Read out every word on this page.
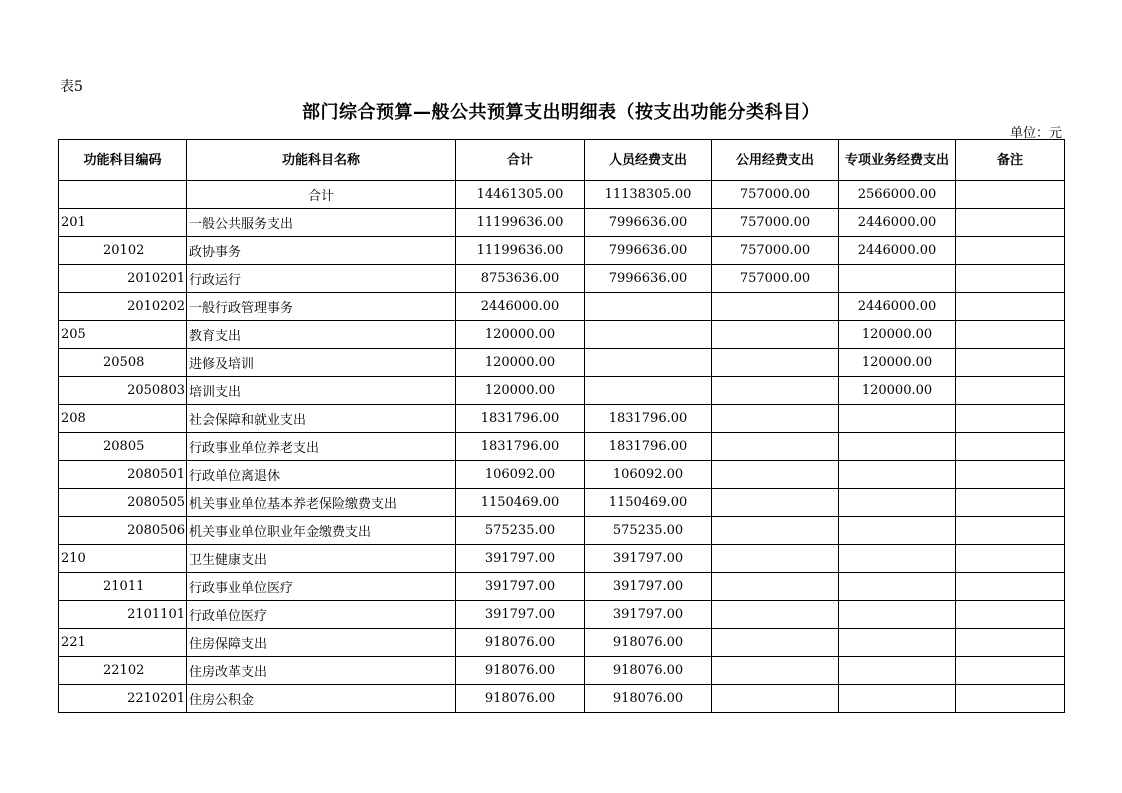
表5
部门综合预算—般公共预算支出明细表（按支出功能分类科目）
单位：元
功能科目编码	功能科目名称	合计	人员经费支出	公用经费支出	专项业务经费支出	备注
	合计	14461305.00	11138305.00	757000.00	2566000.00	
201	一般公共服务支出	11199636.00	7996636.00	757000.00	2446000.00	
20102	政协事务	11199636.00	7996636.00	757000.00	2446000.00	
2010201	行政运行	8753636.00	7996636.00	757000.00		
2010202	一般行政管理事务	2446000.00			2446000.00	
205	教育支出	120000.00			120000.00	
20508	进修及培训	120000.00			120000.00	
2050803	培训支出	120000.00			120000.00	
208	社会保障和就业支出	1831796.00	1831796.00			
20805	行政事业单位养老支出	1831796.00	1831796.00			
2080501	行政单位离退休	106092.00	106092.00			
2080505	机关事业单位基本养老保险缴费支出	1150469.00	1150469.00			
2080506	机关事业单位职业年金缴费支出	575235.00	575235.00			
210	卫生健康支出	391797.00	391797.00			
21011	行政事业单位医疗	391797.00	391797.00			
2101101	行政单位医疗	391797.00	391797.00			
221	住房保障支出	918076.00	918076.00			
22102	住房改革支出	918076.00	918076.00			
2210201	住房公积金	918076.00	918076.00			
